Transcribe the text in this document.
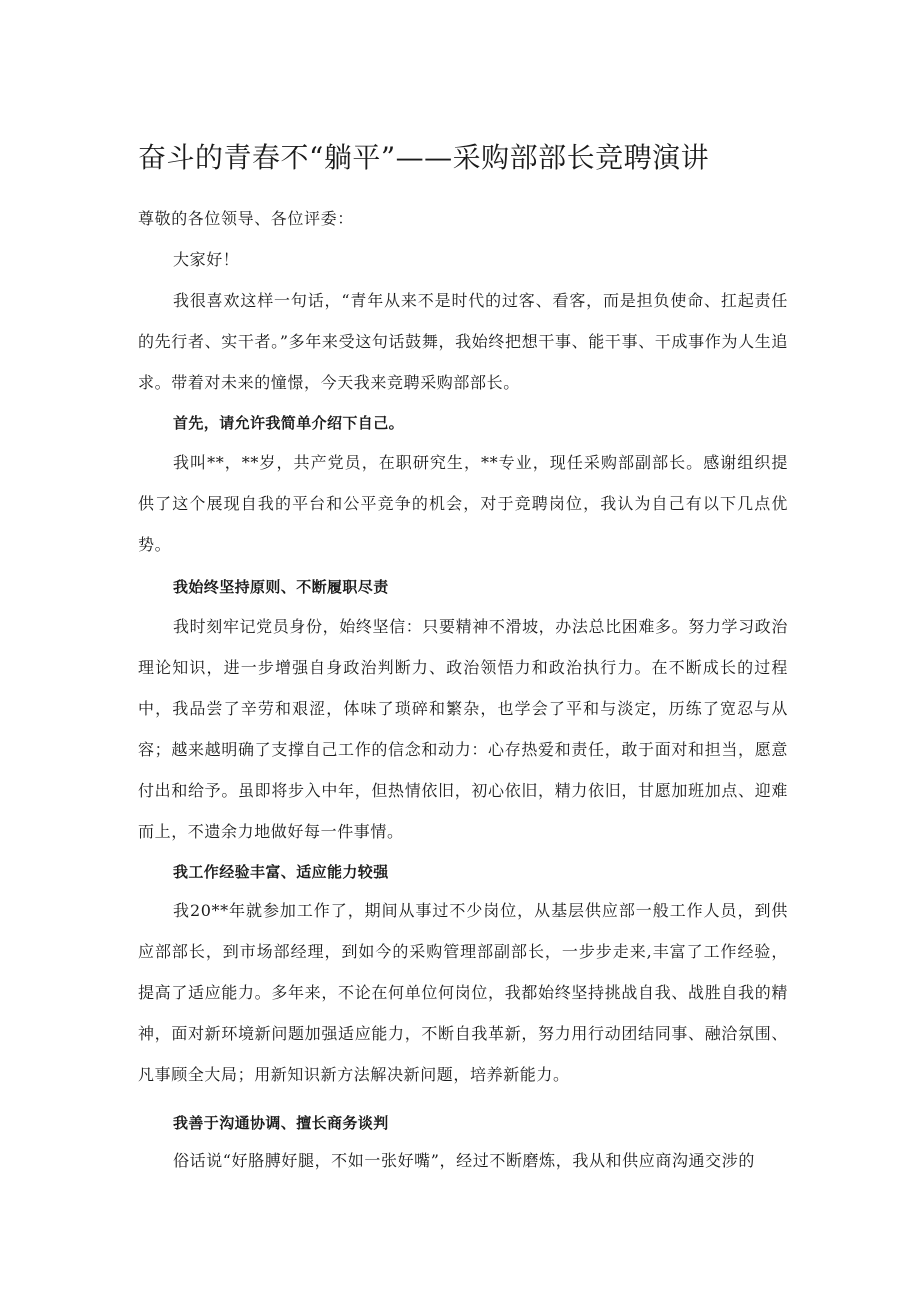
奋斗的青春不“躺平”——采购部部长竞聘演讲
尊敬的各位领导、各位评委：
大家好！
我很喜欢这样一句话，“青年从来不是时代的过客、看客，而是担负使命、扛起责任的先行者、实干者。”多年来受这句话鼓舞，我始终把想干事、能干事、干成事作为人生追求。带着对未来的憧憬，今天我来竞聘采购部部长。
首先，请允许我简单介绍下自己。
我叫**，**岁，共产党员，在职研究生，**专业，现任采购部副部长。感谢组织提供了这个展现自我的平台和公平竞争的机会，对于竞聘岗位，我认为自己有以下几点优势。
我始终坚持原则、不断履职尽责
我时刻牢记党员身份，始终坚信：只要精神不滑坡，办法总比困难多。努力学习政治理论知识，进一步增强自身政治判断力、政治领悟力和政治执行力。在不断成长的过程中，我品尝了辛劳和艰涩，体味了琐碎和繁杂，也学会了平和与淡定，历练了宽忍与从容；越来越明确了支撑自己工作的信念和动力：心存热爱和责任，敢于面对和担当，愿意付出和给予。虽即将步入中年，但热情依旧，初心依旧，精力依旧，甘愿加班加点、迎难而上，不遗余力地做好每一件事情。
我工作经验丰富、适应能力较强
我20**年就参加工作了，期间从事过不少岗位，从基层供应部一般工作人员，到供应部部长，到市场部经理，到如今的采购管理部副部长，一步步走来,丰富了工作经验，提高了适应能力。多年来，不论在何单位何岗位，我都始终坚持挑战自我、战胜自我的精神，面对新环境新问题加强适应能力，不断自我革新，努力用行动团结同事、融洽氛围、凡事顾全大局；用新知识新方法解决新问题，培养新能力。
我善于沟通协调、擅长商务谈判
俗话说“好胳膊好腿，不如一张好嘴”，经过不断磨炼，我从和供应商沟通交涉的
